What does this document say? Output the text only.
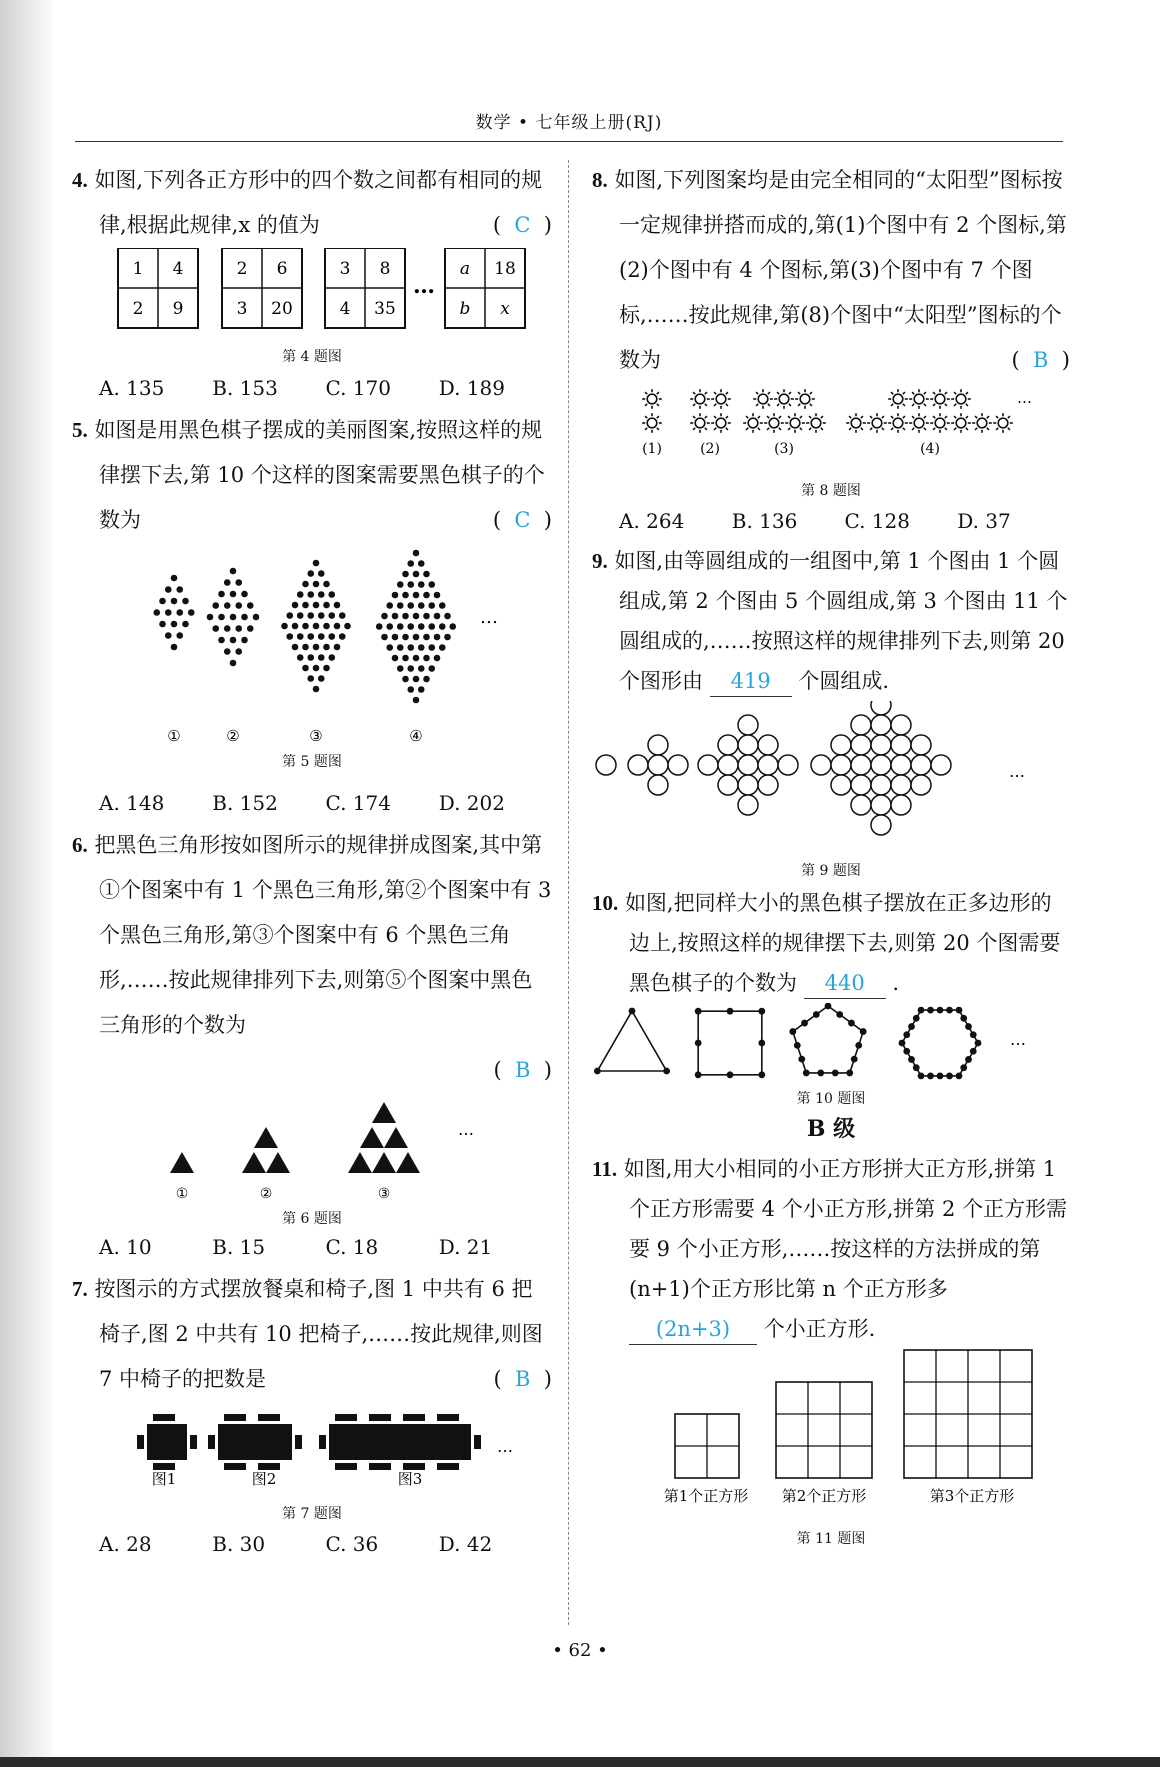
数学 • 七年级上册(RJ)
4. 如图,下列各正方形中的四个数之间都有相同的规律,根据此规律,x 的值为	(  C  )
1 4
2 9
2 6
3 20
3 8
4 35
…
a 18
b x
第 4 题图
A. 135	B. 153	C. 170	D. 189
5. 如图是用黑色棋子摆成的美丽图案,按照这样的规律摆下去,第 10 个这样的图案需要黑色棋子的个数为	(  C  )
①	②	③	④
…
第 5 题图
A. 148	B. 152	C. 174	D. 202
6. 把黑色三角形按如图所示的规律拼成图案,其中第①个图案中有 1 个黑色三角形,第②个图案中有 3 个黑色三角形,第③个图案中有 6 个黑色三角形,……按此规律排列下去,则第⑤个图案中黑色三角形的个数为
(  B  )
①	②	③
…
第 6 题图
A. 10	B. 15	C. 18	D. 21
7. 按图示的方式摆放餐桌和椅子,图 1 中共有 6 把椅子,图 2 中共有 10 把椅子,……按此规律,则图 7 中椅子的把数是	(  B  )
图1	图2	图3
…
第 7 题图
A. 28	B. 30	C. 36	D. 42
8. 如图,下列图案均是由完全相同的“太阳型”图标按一定规律拼搭而成的,第(1)个图中有 2 个图标,第(2)个图中有 4 个图标,第(3)个图中有 7 个图标,……按此规律,第(8)个图中“太阳型”图标的个数为	(  B  )
(1)	(2)	(3)	(4)
…
第 8 题图
A. 264	B. 136	C. 128	D. 37
9. 如图,由等圆组成的一组图中,第 1 个图由 1 个圆组成,第 2 个图由 5 个圆组成,第 3 个图由 11 个圆组成的,……按照这样的规律排列下去,则第 20 个图形由 419 个圆组成.
…
第 9 题图
10. 如图,把同样大小的黑色棋子摆放在正多边形的边上,按照这样的规律摆下去,则第 20 个图需要黑色棋子的个数为 440 .
…
第 10 题图
B 级
11. 如图,用大小相同的小正方形拼大正方形,拼第 1 个正方形需要 4 个小正方形,拼第 2 个正方形需要 9 个小正方形,……按这样的方法拼成的第(n+1)个正方形比第 n 个正方形多 (2n+3) 个小正方形.
第1个正方形 第2个正方形	第3个正方形
第 11 题图
• 62 •
